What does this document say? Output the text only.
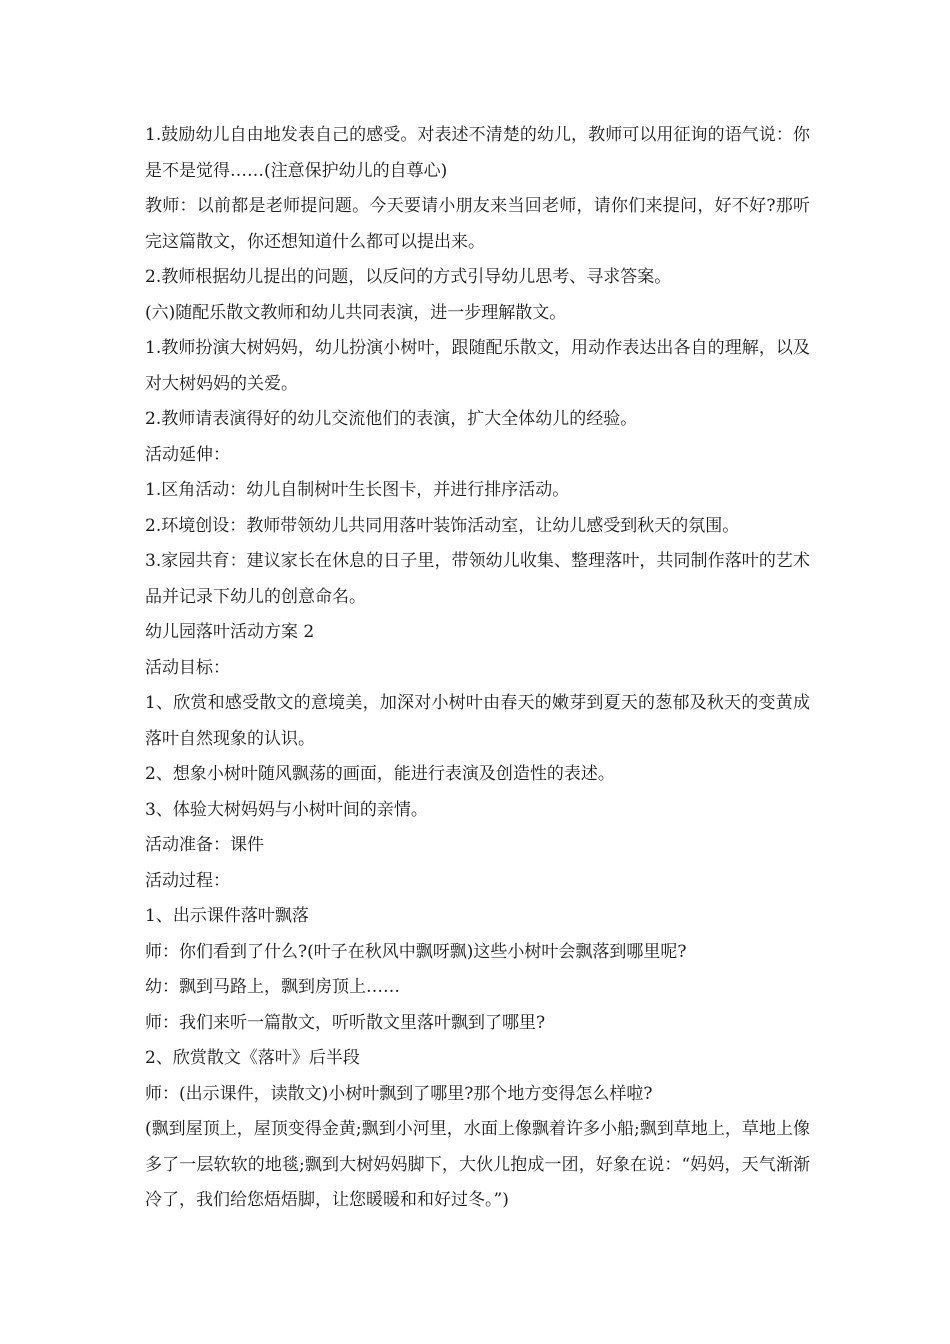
1.鼓励幼儿自由地发表自己的感受。对表述不清楚的幼儿，教师可以用征询的语气说：你是不是觉得……(注意保护幼儿的自尊心)

教师：以前都是老师提问题。今天要请小朋友来当回老师，请你们来提问，好不好?那听完这篇散文，你还想知道什么都可以提出来。

2.教师根据幼儿提出的问题，以反问的方式引导幼儿思考、寻求答案。

(六)随配乐散文教师和幼儿共同表演，进一步理解散文。

1.教师扮演大树妈妈，幼儿扮演小树叶，跟随配乐散文，用动作表达出各自的理解，以及对大树妈妈的关爱。

2.教师请表演得好的幼儿交流他们的表演，扩大全体幼儿的经验。

活动延伸：

1.区角活动：幼儿自制树叶生长图卡，并进行排序活动。

2.环境创设：教师带领幼儿共同用落叶装饰活动室，让幼儿感受到秋天的氛围。

3.家园共育：建议家长在休息的日子里，带领幼儿收集、整理落叶，共同制作落叶的艺术品并记录下幼儿的创意命名。

幼儿园落叶活动方案 2

活动目标：

1、欣赏和感受散文的意境美，加深对小树叶由春天的嫩芽到夏天的葱郁及秋天的变黄成落叶自然现象的认识。

2、想象小树叶随风飘荡的画面，能进行表演及创造性的表述。

3、体验大树妈妈与小树叶间的亲情。

活动准备：课件

活动过程：

1、出示课件落叶飘落

师：你们看到了什么?(叶子在秋风中飘呀飘)这些小树叶会飘落到哪里呢?

幼：飘到马路上，飘到房顶上……

师：我们来听一篇散文，听听散文里落叶飘到了哪里?

2、欣赏散文《落叶》后半段

师：(出示课件，读散文)小树叶飘到了哪里?那个地方变得怎么样啦?

(飘到屋顶上，屋顶变得金黄;飘到小河里，水面上像飘着许多小船;飘到草地上，草地上像多了一层软软的地毯;飘到大树妈妈脚下，大伙儿抱成一团，好象在说：“妈妈，天气渐渐冷了，我们给您焐焐脚，让您暖暖和和好过冬。”)
